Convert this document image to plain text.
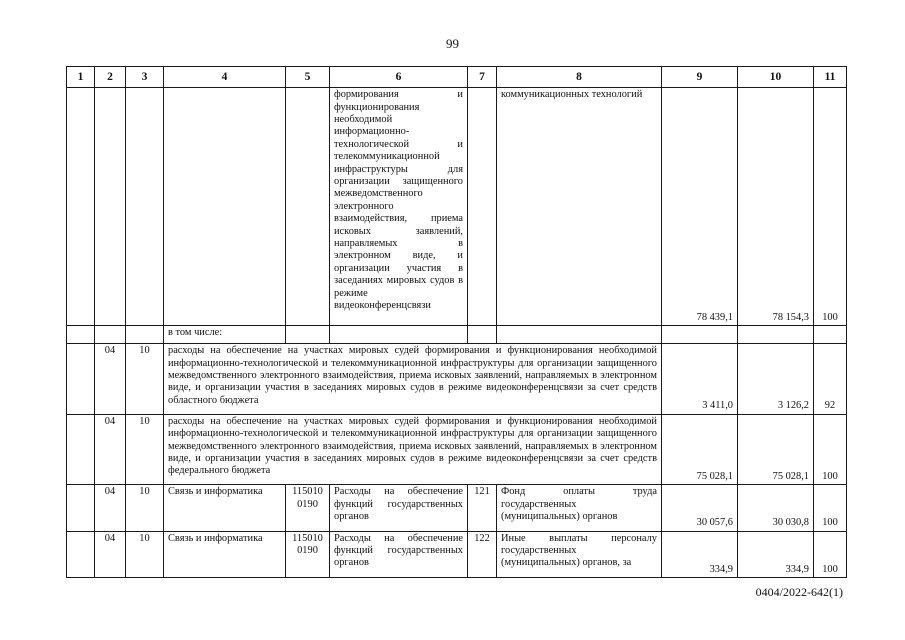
99
1	2	3	4	5	6	7	8	9	10	11
					формирования и функционирования необходимой информационно-технологической и телекоммуникационной инфраструктуры для организации защищенного межведомственного электронного взаимодействия, приема исковых заявлений, направляемых в электронном виде, и организации участия в заседаниях мировых судов в режиме видеоконференцсвязи		коммуникационных технологий	78 439,1	78 154,3	100
			в том числе:							
	04	10	расходы на обеспечение на участках мировых судей формирования и функционирования необходимой информационно-технологической и телекоммуникационной инфраструктуры для организации защищенного межведомственного электронного взаимодействия, приема исковых заявлений, направляемых в электронном виде, и организации участия в заседаниях мировых судов в режиме видеоконференцсвязи за счет средств областного бюджета					3 411,0	3 126,2	92
	04	10	расходы на обеспечение на участках мировых судей формирования и функционирования необходимой информационно-технологической и телекоммуникационной инфраструктуры для организации защищенного межведомственного электронного взаимодействия, приема исковых заявлений, направляемых в электронном виде, и организации участия в заседаниях мировых судов в режиме видеоконференцсвязи за счет средств федерального бюджета					75 028,1	75 028,1	100
	04	10	Связь и информатика	115010 0190	Расходы на обеспечение функций государственных органов	121	Фонд оплаты труда государственных (муниципальных) органов	30 057,6	30 030,8	100
	04	10	Связь и информатика	115010 0190	Расходы на обеспечение функций государственных органов	122	Иные выплаты персоналу государственных (муниципальных) органов, за	334,9	334,9	100
0404/2022-642(1)
